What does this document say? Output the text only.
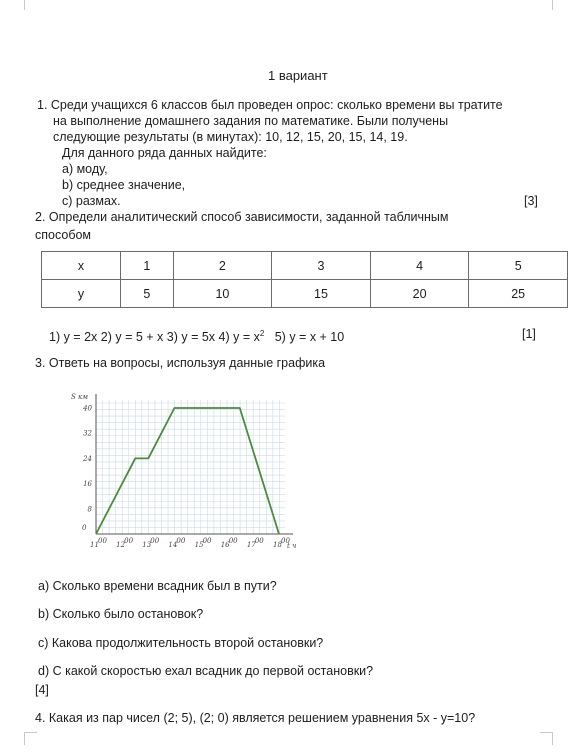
1 вариант
1. Среди учащихся 6 классов был проведен опрос: сколько времени вы тратите
на выполнение домашнего задания по математике. Были получены
следующие результаты (в минутах): 10, 12, 15, 20, 15, 14, 19.
Для данного ряда данных найдите:
a) моду,
b) среднее значение,
c) размах.	[3]
2. Определи аналитический способ зависимости, заданной табличным
способом
x	1	2	3	4	5
y	5	10	15	20	25
1) y = 2x 2) y = 5 + x 3) y = 5x 4) $y = x^2$   5) y = x + 10	[1]
3. Ответь на вопросы, используя данные графика
S км
t ч
0
8
16
24
32
40
11 00 12 00 13 00 14 00 15 00 16 00 17 00 18 00
a) Сколько времени всадник был в пути?
b) Сколько было остановок?
c) Какова продолжительность второй остановки?
d) С какой скоростью ехал всадник до первой остановки?
[4]
4. Какая из пар чисел (2; 5), (2; 0) является решением уравнения 5x - y=10?
